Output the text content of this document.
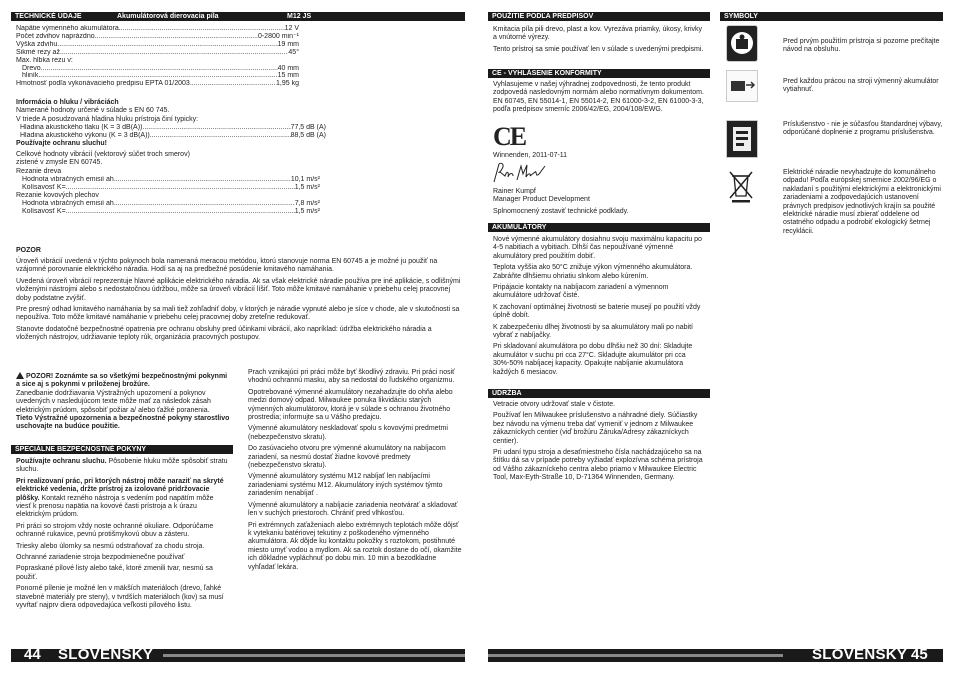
TECHNICKÉ ÚDAJE	Akumulátorová dierovacia píla	M12 JS
Napätie výmenného akumulátora .....	12 V
Počet zdvihov naprázdno .....	0-2800 min⁻¹
Výška zdvihu .....	19 mm
Šikmé rezy až .....	45°
Max. hĺbka rezu v:
Drevo .....	40 mm
hliník .....	15 mm
Hmotnosť podľa vykonávacieho predpisu EPTA 01/2003 .....	1,95 kg
Informácia o hluku / vibráciách
Namerané hodnoty určené v súlade s EN 60 745.
V triede A posudzovaná hladina hluku prístroja činí typicky:
Hladina akustického tlaku (K = 3 dB(A)) .....	77,5 dB (A)
Hladina akustického výkonu (K = 3 dB(A)) .....	88,5 dB (A)
Používajte ochranu sluchu!
Celkové hodnoty vibrácií (vektorový súčet troch smerov)
zistené v zmysle EN 60745.
Rezanie dreva
Hodnota vibračných emisií ah .....	10,1 m/s²
Kolísavosť K= .....	1,5 m/s²
Rezanie kovových plechov
Hodnota vibračných emisií ah .....	7,8 m/s²
Kolísavosť K= .....	1,5 m/s²
POZOR

Úroveň vibrácií uvedená v týchto pokynoch bola nameraná meracou metódou, ktorú stanovuje norma EN 60745 a je možné ju použiť na vzájomné porovnanie elektrického náradia. Hodí sa aj na predbežné posúdenie kmitavého namáhania.

Uvedená úroveň vibrácií reprezentuje hlavné aplikácie elektrického náradia. Ak sa však elektrické náradie používa pre iné aplikácie, s odlišnými vloženými nástrojmi alebo s nedostatočnou údržbou, môže sa úroveň vibrácií líšiť. Toto môže kmitavé namáhanie v priebehu celej pracovnej doby podstatne zvýšiť.

Pre presný odhad kmitavého namáhania by sa mali tiež zohľadniť doby, v ktorých je náradie vypnuté alebo je síce v chode, ale v skutočnosti sa nepoužíva. Toto môže kmitavé namáhanie v priebehu celej pracovnej doby zreteľne redukovať.

Stanovte dodatočné bezpečnostné opatrenia pre ochranu obsluhy pred účinkami vibrácií, ako napríklad: údržba elektrického náradia a vložených nástrojov, udržiavanie teploty rúk, organizácia pracovných postupov.

POZOR! Zoznámte sa so všetkými bezpečnostnými pokynmi a sice aj s pokynmi v priloženej brožúre.
Zanedbanie dodržiavania Výstražných upozornení a pokynov uvedených v nasledujúcom texte môže mať za následok zásah elektrickým prúdom, spôsobiť požiar a/ alebo ťažké poranenia.
Tieto Výstražné upozornenia a bezpečnostné pokyny starostlivo uschovajte na budúce použitie.
ŠPECIÁLNE BEZPEČNOSTNÉ POKYNY

Používajte ochranu sluchu. Pôsobenie hluku môže spôsobiť stratu sluchu.

Pri realizovaní prác, pri ktorých nástroj môže naraziť na skryté elektrické vedenia, držte prístroj za izolované pridržovacie plôšky. Kontakt rezného nástroja s vedením pod napätím môže viesť k prenosu napätia na kovové časti prístroja a k úrazu elektrickým prúdom.

Pri práci so strojom vždy noste ochranné okuliare. Odporúčame ochranné rukavice, pevnú protišmykovú obuv a zásteru.

Triesky alebo úlomky sa nesmú odstraňovať za chodu stroja.

Ochranné zariadenie stroja bezpodmienečne používať

Popraskané pílové listy alebo také, ktoré zmenili tvar, nesmú sa použiť.

Ponorné pílenie je možné len v mäkších materiáloch (drevo, ľahké stavebné materiály pre steny), v tvrdších materiáloch (kov) sa musí vyvŕtať najprv diera odpovedajúca veľkosti pílového listu.

Prach vznikajúci pri práci môže byť škodlivý zdraviu. Pri práci nosiť vhodnú ochrannú masku, aby sa nedostal do ľudského organizmu.

Opotrebované výmenné akumulátory nezahadzujte do ohňa alebo medzi domový odpad. Milwaukee ponuka likvidáciu starých výmenných akumulátorov, ktorá je v súlade s ochranou životného prostredia; informujte sa u Vášho predajcu.

Výmenné akumulátory neskladovať spolu s kovovými predmetmi (nebezpečenstvo skratu).

Do zasúvacieho otvoru pre výmenné akumulátory na nabíjacom zariadení, sa nesmú dostať žiadne kovové predmety (nebezpečenstvo skratu).

Výmenné akumulátory systému M12 nabíjať len nabíjacími zariadeniami systému M12. Akumulátory iných systémov týmto zariadením nenabíjať .

Výmenné akumulátory a nabíjacie zariadenia neotvárať a skladovať len v suchých priestoroch. Chrániť pred vlhkosťou.

Pri extrémnych zaťaženiach alebo extrémnych teplotách môže dôjsť k vytekaniu batériovej tekutiny z poškodeného výmenného akumulátora. Ak dôjde ku kontaktu pokožky s roztokom, postihnuté miesto umyť vodou a mydlom. Ak sa roztok dostane do očí, okamžite ich dôkladne vypláchnuť po dobu min. 10 min a bezodkladne vyhľadať lekára.

44 SLOVENSKY
POUŽITIE PODĽA PREDPISOV

Kmitacia píla pili drevo, plast a kov. Vyrezáva priamky, úkosy, krivky a vnútorné výrezy.

Tento prístroj sa smie používať len v súlade s uvedenými predpismi.

CE - VYHLÁSENIE KONFORMITY
Vyhlasujeme v našej výhradnej zodpovednosti, že tento produkt zodpovedá nasledovným normám alebo normatívnym dokumentom. EN 60745, EN 55014-1, EN 55014-2, EN 61000-3-2, EN 61000-3-3, podľa predpisov smerníc 2006/42/EG, 2004/108/EWG.
CE
Winnenden, 2011-07-11
Rainer Kumpf
Manager Product Development
Splnomocnený zostaviť technické podklady.
AKUMULÁTORY

Nové výmenné akumulátory dosiahnu svoju maximálnu kapacitu po 4-5 nabitiach a vybitiach. Dlhší čas nepoužívané výmenné akumulátory pred použitím dobiť.

Teplota vyššia ako 50°C znižuje výkon výmenného akumulátora. Zabráňte dlhšiemu ohriatiu slnkom alebo kúrením.

Pripájacie kontakty na nabíjacom zariadení a výmennom akumulátore udržovať čisté.

K zachovaní optimálnej životnosti se baterie musejí po použití vždy úplně dobít.

K zabezpečeniu dlhej životnosti by sa akumulátory mali po nabití vybrať z nabíjačky.

Pri skladovaní akumulátora po dobu dlhšiu než 30 dní: Skladujte akumulátor v suchu pri cca 27°C. Skladujte akumulátor pri cca 30%-50% nabíjacej kapacity. Opakujte nabíjanie akumulátora každých 6 mesiacov.

ÚDRŽBA

Vetracie otvory udržovať stale v čistote.

Používať len Milwaukee príslušenstvo a náhradné diely. Súčiastky bez návodu na výmenu treba dať vymeniť v jednom z Milwaukee zákazníckych centier (viď brožúru Záruka/Adresy zákazníckych centier).

Pri udaní typu stroja a desaťmiestneho čísla nachádzajúceho sa na štítku dá sa v prípade potreby vyžiadať explozívna schéma prístroja od Vášho zákazníckeho centra alebo priamo v Milwaukee Electric Tool, Max-Eyth-Straße 10, D-71364 Winnenden, Germany.

SYMBOLY
Pred prvým použitím prístroja si pozorne prečítajte návod na obsluhu.
Pred každou prácou na stroji výmenný akumulátor vytiahnuť.
Príslušenstvo - nie je súčasťou štandardnej výbavy, odporúčané doplnenie z programu príslušenstva.
Elektrické náradie nevyhadzujte do komunálneho odpadu! Podľa európskej smernice 2002/96/EG o nakladaní s použitými elektrickými a elektronickými zariadeniami a zodpovedajúcich ustanovení právnych predpisov jednotlivých krajín sa použité elektrické náradie musí zbierať oddelene od ostatného odpadu a podrobiť ekologický šetrnej recyklácii.
SLOVENSKY 45
